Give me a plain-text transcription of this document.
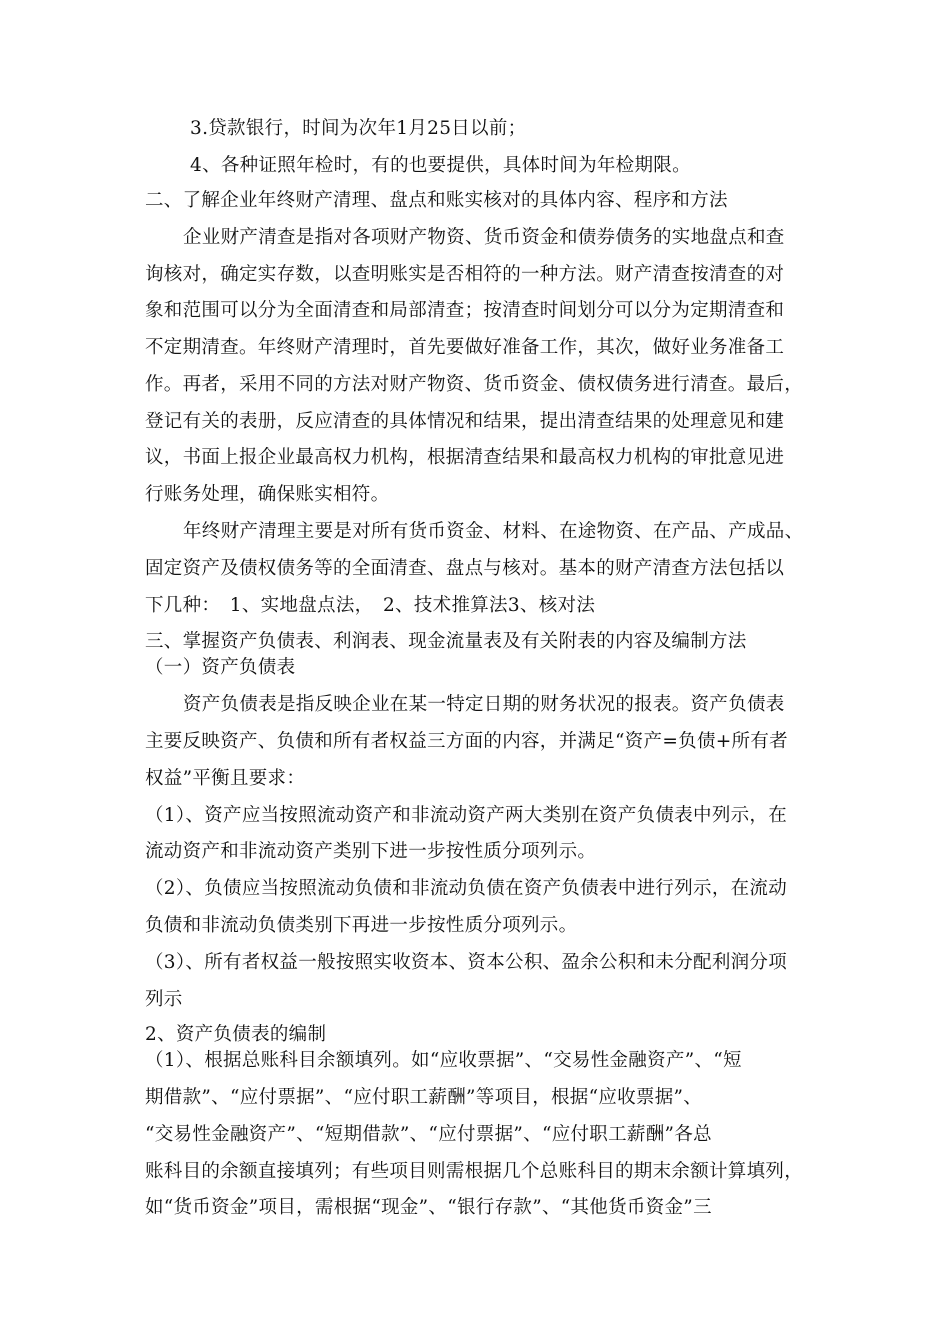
3.贷款银行，时间为次年1月25日以前；
4、各种证照年检时，有的也要提供，具体时间为年检期限。
二、了解企业年终财产清理、盘点和账实核对的具体内容、程序和方法
企业财产清查是指对各项财产物资、货币资金和债券债务的实地盘点和查
询核对，确定实存数，以查明账实是否相符的一种方法。财产清查按清查的对
象和范围可以分为全面清查和局部清查；按清查时间划分可以分为定期清查和
不定期清查。年终财产清理时，首先要做好准备工作，其次，做好业务准备工
作。再者，采用不同的方法对财产物资、货币资金、债权债务进行清查。最后，
登记有关的表册，反应清查的具体情况和结果，提出清查结果的处理意见和建
议，书面上报企业最高权力机构，根据清查结果和最高权力机构的审批意见进
行账务处理，确保账实相符。
年终财产清理主要是对所有货币资金、材料、在途物资、在产品、产成品、
固定资产及债权债务等的全面清查、盘点与核对。基本的财产清查方法包括以
下几种：　1、实地盘点法，　2、技术推算法3、核对法
三、掌握资产负债表、利润表、现金流量表及有关附表的内容及编制方法
（一）资产负债表
资产负债表是指反映企业在某一特定日期的财务状况的报表。资产负债表
主要反映资产、负债和所有者权益三方面的内容，并满足“资产=负债+所有者
权益”平衡且要求：
（1）、资产应当按照流动资产和非流动资产两大类别在资产负债表中列示，在
流动资产和非流动资产类别下进一步按性质分项列示。
（2）、负债应当按照流动负债和非流动负债在资产负债表中进行列示，在流动
负债和非流动负债类别下再进一步按性质分项列示。
（3）、所有者权益一般按照实收资本、资本公积、盈余公积和未分配利润分项
列示
2、资产负债表的编制
（1）、根据总账科目余额填列。如“应收票据”、“交易性金融资产”、“短
期借款”、“应付票据”、“应付职工薪酬”等项目，根据“应收票据”、
“交易性金融资产”、“短期借款”、“应付票据”、“应付职工薪酬”各总
账科目的余额直接填列；有些项目则需根据几个总账科目的期末余额计算填列，
如“货币资金”项目，需根据“现金”、“银行存款”、“其他货币资金”三
